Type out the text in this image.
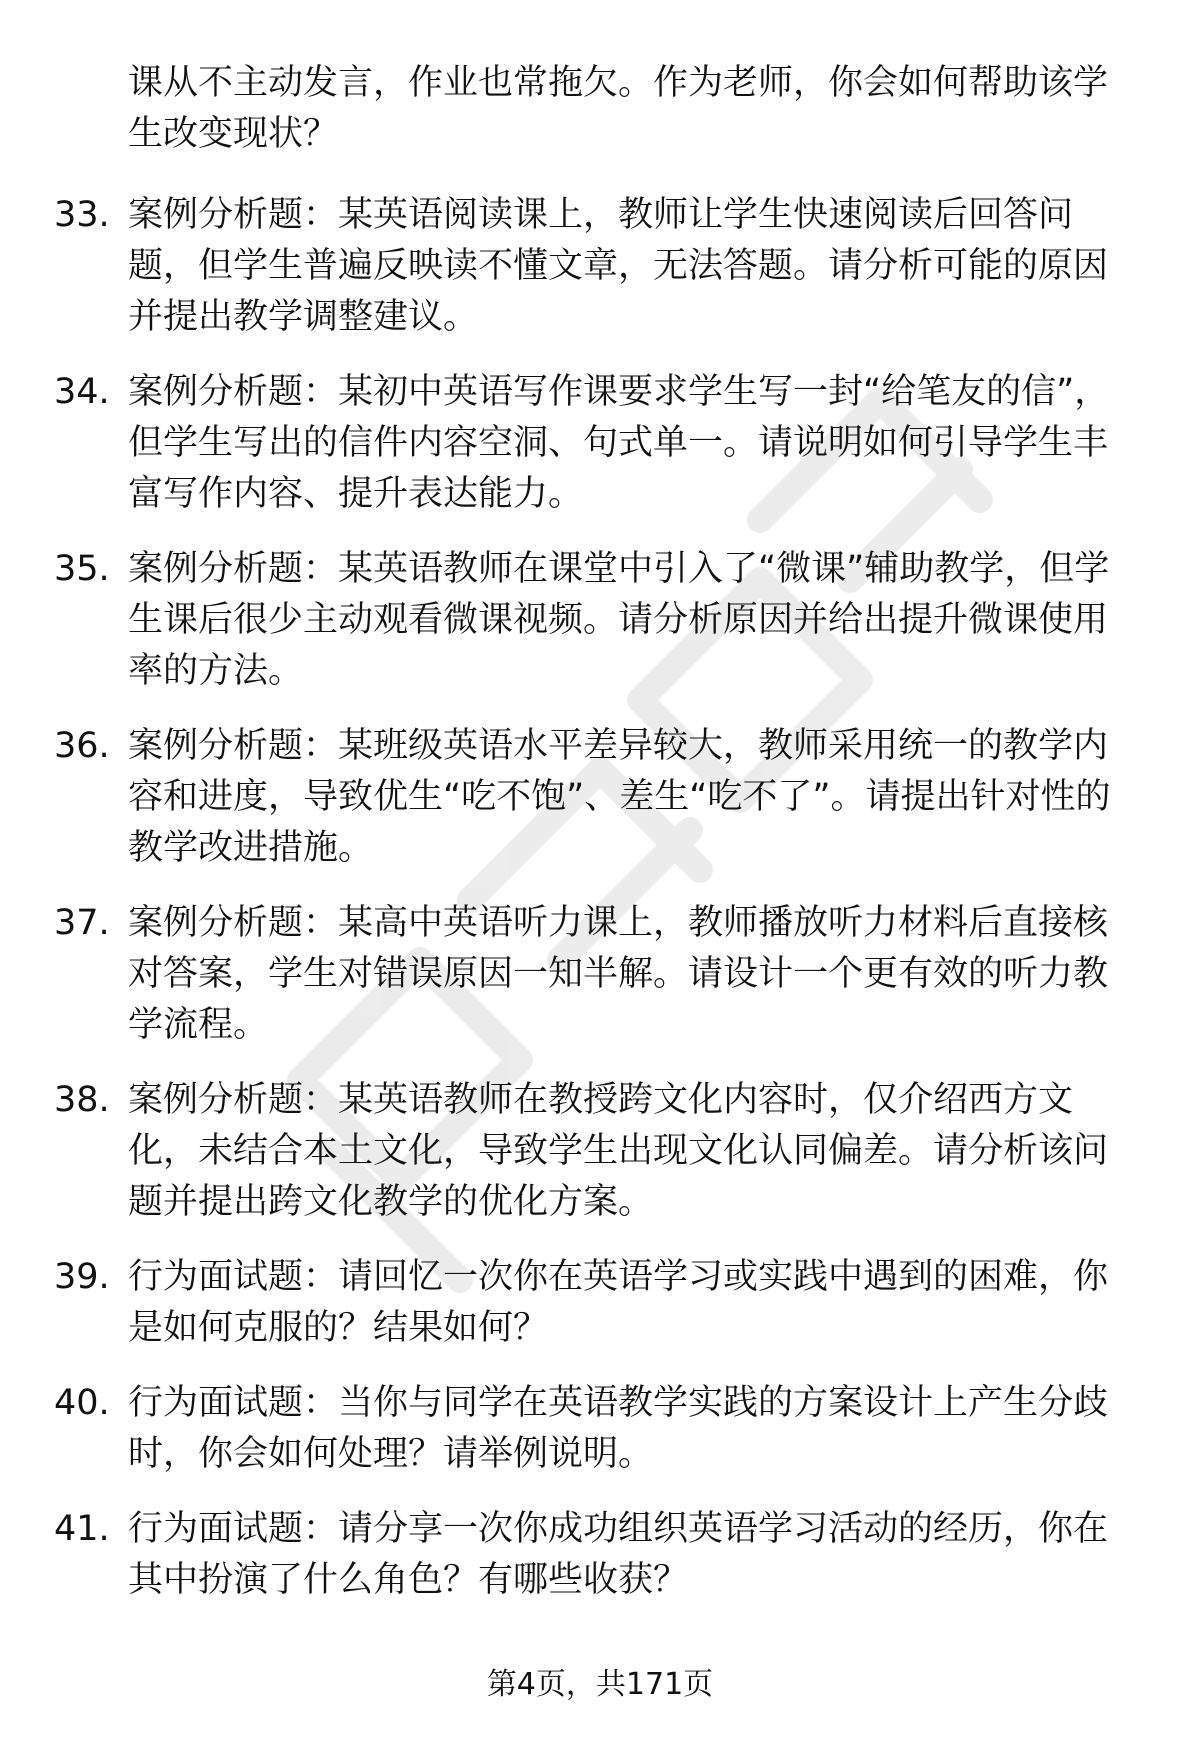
课从不主动发言，作业也常拖欠。作为老师，你会如何帮助该学生改变现状？
33. 案例分析题：某英语阅读课上，教师让学生快速阅读后回答问题，但学生普遍反映读不懂文章，无法答题。请分析可能的原因并提出教学调整建议。
34. 案例分析题：某初中英语写作课要求学生写一封“给笔友的信”，但学生写出的信件内容空洞、句式单一。请说明如何引导学生丰富写作内容、提升表达能力。
35. 案例分析题：某英语教师在课堂中引入了“微课”辅助教学，但学生课后很少主动观看微课视频。请分析原因并给出提升微课使用率的方法。
36. 案例分析题：某班级英语水平差异较大，教师采用统一的教学内容和进度，导致优生“吃不饱”、差生“吃不了”。请提出针对性的教学改进措施。
37. 案例分析题：某高中英语听力课上，教师播放听力材料后直接核对答案，学生对错误原因一知半解。请设计一个更有效的听力教学流程。
38. 案例分析题：某英语教师在教授跨文化内容时，仅介绍西方文化，未结合本土文化，导致学生出现文化认同偏差。请分析该问题并提出跨文化教学的优化方案。
39. 行为面试题：请回忆一次你在英语学习或实践中遇到的困难，你是如何克服的？结果如何？
40. 行为面试题：当你与同学在英语教学实践的方案设计上产生分歧时，你会如何处理？请举例说明。
41. 行为面试题：请分享一次你成功组织英语学习活动的经历，你在其中扮演了什么角色？有哪些收获？
第4页，共171页
